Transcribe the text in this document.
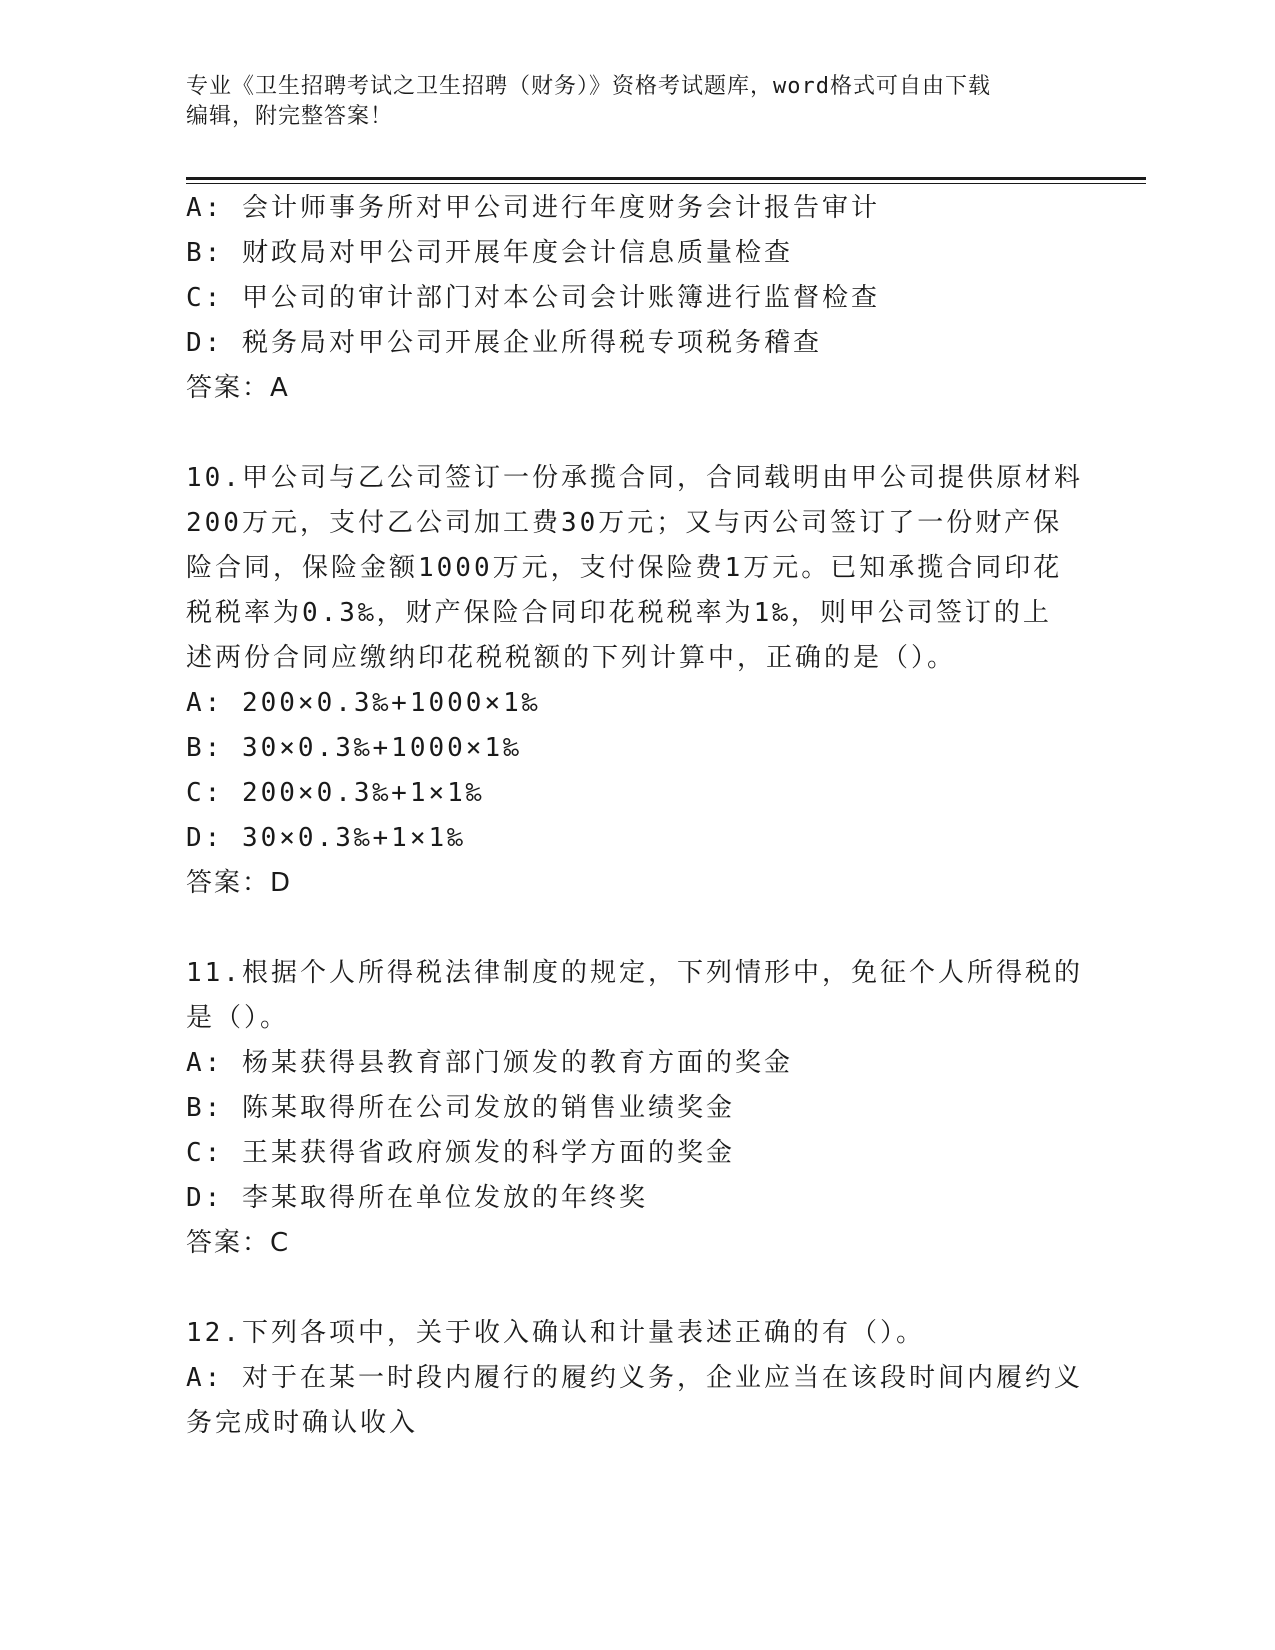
专业《卫生招聘考试之卫生招聘（财务）》资格考试题库，word格式可自由下载
编辑，附完整答案！
A: 会计师事务所对甲公司进行年度财务会计报告审计
B: 财政局对甲公司开展年度会计信息质量检查
C: 甲公司的审计部门对本公司会计账簿进行监督检查
D: 税务局对甲公司开展企业所得税专项税务稽查
答案：A
10.甲公司与乙公司签订一份承揽合同，合同载明由甲公司提供原材料
200万元，支付乙公司加工费30万元；又与丙公司签订了一份财产保
险合同，保险金额1000万元，支付保险费1万元。已知承揽合同印花
税税率为0.3‰，财产保险合同印花税税率为1‰，则甲公司签订的上
述两份合同应缴纳印花税税额的下列计算中，正确的是（）。
A: 200×0.3‰+1000×1‰
B: 30×0.3‰+1000×1‰
C: 200×0.3‰+1×1‰
D: 30×0.3‰+1×1‰
答案：D
11.根据个人所得税法律制度的规定，下列情形中，免征个人所得税的
是（）。
A: 杨某获得县教育部门颁发的教育方面的奖金
B: 陈某取得所在公司发放的销售业绩奖金
C: 王某获得省政府颁发的科学方面的奖金
D: 李某取得所在单位发放的年终奖
答案：C
12.下列各项中，关于收入确认和计量表述正确的有（）。
A: 对于在某一时段内履行的履约义务，企业应当在该段时间内履约义
务完成时确认收入
